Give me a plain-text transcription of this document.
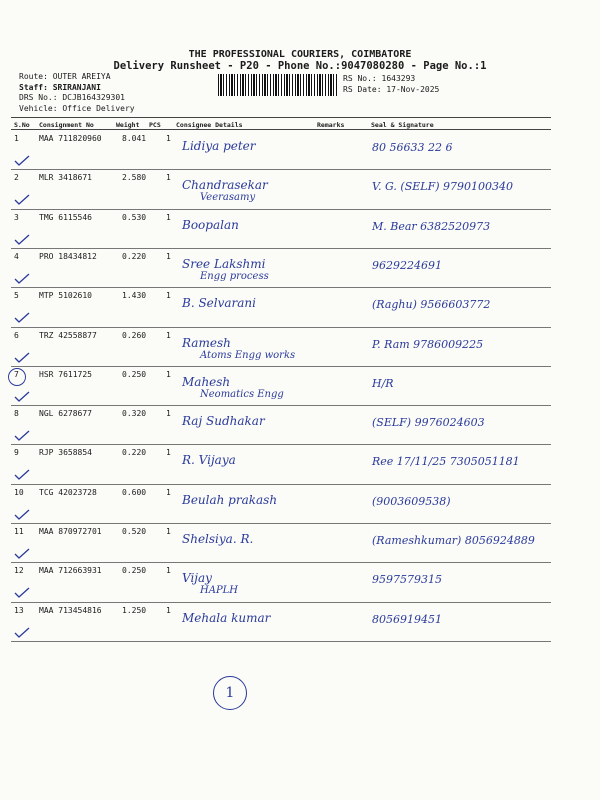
THE PROFESSIONAL COURIERS, COIMBATORE
Delivery Runsheet - P20 - Phone No.:9047080280 - Page No.:1
Route: OUTER AREIYA
Staff: SRIRANJANI
DRS No.: DCJB164329301
Vehicle: Office Delivery
RS No.: 1643293
RS Date: 17-Nov-2025
S.No Consignment No	Weight PCS Consignee Details	Remarks	Seal & Signature
1	MAA 711820960	8.041 1
Lidiya peter	80 56633 22 6
2	MLR 3418671	2.580 1
Chandrasekar
Veerasamy
V. G. (SELF) 9790100340
3	TMG 6115546	0.530 1
Boopalan	M. Bear 6382520973
4	PRO 18434812	0.220 1
Sree Lakshmi
Engg process
9629224691
5	MTP 5102610	1.430 1
B. Selvarani	(Raghu) 9566603772
6	TRZ 42558877	0.260 1
Ramesh
Atoms Engg works
P. Ram 9786009225
7	HSR 7611725	0.250 1
Mahesh
Neomatics Engg
H/R
8	NGL 6278677	0.320 1
Raj Sudhakar	(SELF) 9976024603
9	RJP 3658854	0.220 1
R. Vijaya	Ree 17/11/25 7305051181
10 TCG 42023728	0.600 1
Beulah prakash	(9003609538)
11 MAA 870972701	0.520 1
Shelsiya. R.	(Rameshkumar) 8056924889
12 MAA 712663931	0.250 1
Vijay
HAPLH
9597579315
13 MAA 713454816	1.250 1
Mehala kumar	8056919451
1
